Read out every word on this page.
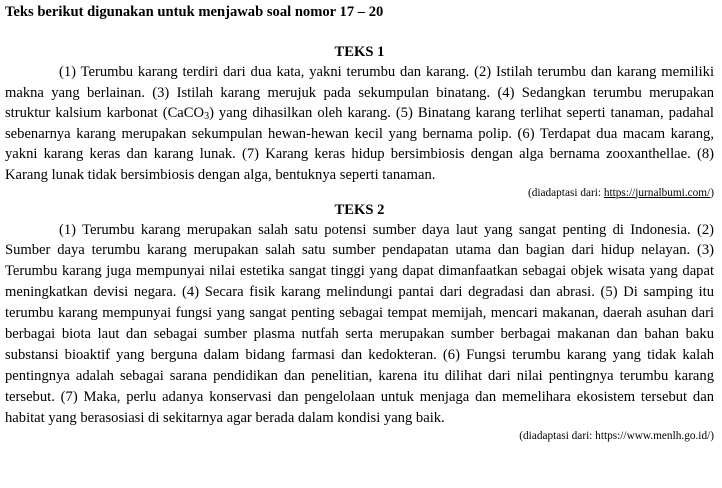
Teks berikut digunakan untuk menjawab soal nomor 17 – 20

TEKS 1

(1) Terumbu karang terdiri dari dua kata, yakni terumbu dan karang. (2) Istilah terumbu dan karang memiliki makna yang berlainan. (3) Istilah karang merujuk pada sekumpulan binatang. (4) Sedangkan terumbu merupakan struktur kalsium karbonat (CaCO$_3$) yang dihasilkan oleh karang. (5) Binatang karang terlihat seperti tanaman, padahal sebenarnya karang merupakan sekumpulan hewan-hewan kecil yang bernama polip. (6) Terdapat dua macam karang, yakni karang keras dan karang lunak. (7) Karang keras hidup bersimbiosis dengan alga bernama zooxanthellae. (8) Karang lunak tidak bersimbiosis dengan alga, bentuknya seperti tanaman.

(diadaptasi dari: https://jurnalbumi.com/)

TEKS 2

(1) Terumbu karang merupakan salah satu potensi sumber daya laut yang sangat penting di Indonesia. (2) Sumber daya terumbu karang merupakan salah satu sumber pendapatan utama dan bagian dari hidup nelayan. (3) Terumbu karang juga mempunyai nilai estetika sangat tinggi yang dapat dimanfaatkan sebagai objek wisata yang dapat meningkatkan devisi negara. (4) Secara fisik karang melindungi pantai dari degradasi dan abrasi. (5) Di samping itu terumbu karang mempunyai fungsi yang sangat penting sebagai tempat memijah, mencari makanan, daerah asuhan dari berbagai biota laut dan sebagai sumber plasma nutfah serta merupakan sumber berbagai makanan dan bahan baku substansi bioaktif yang berguna dalam bidang farmasi dan kedokteran. (6) Fungsi terumbu karang yang tidak kalah pentingnya adalah sebagai sarana pendidikan dan penelitian, karena itu dilihat dari nilai pentingnya terumbu karang tersebut. (7) Maka, perlu adanya konservasi dan pengelolaan untuk menjaga dan memelihara ekosistem tersebut dan habitat yang berasosiasi di sekitarnya agar berada dalam kondisi yang baik.

(diadaptasi dari: https://www.menlh.go.id/)
